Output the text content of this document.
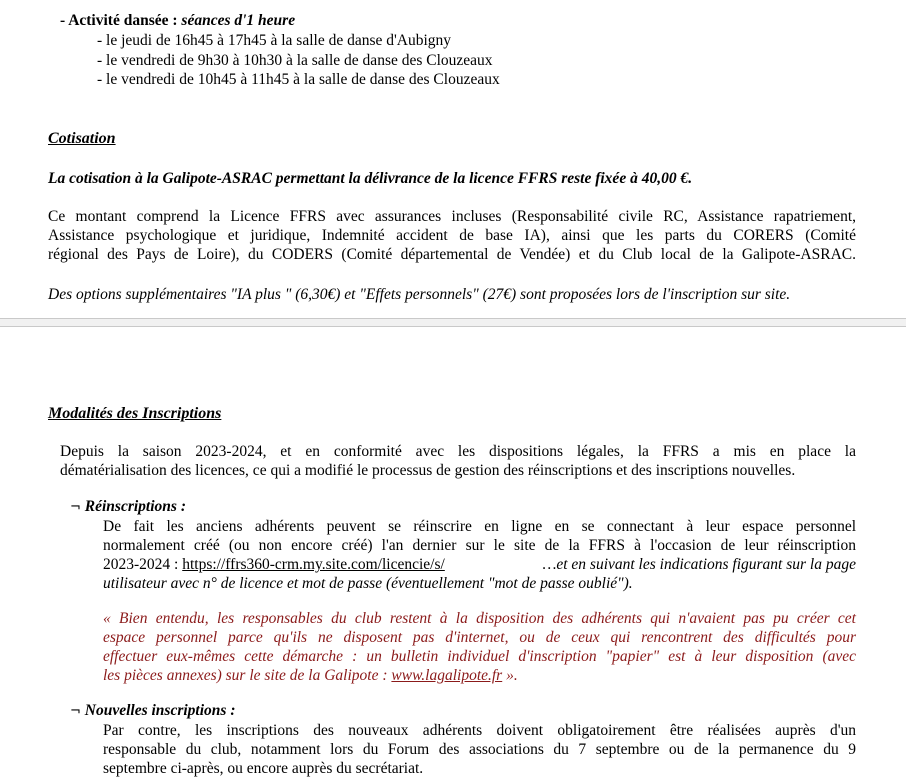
- Activité dansée : séances d'1 heure
- le jeudi de 16h45 à 17h45 à la salle de danse d'Aubigny
- le vendredi de 9h30 à 10h30 à la salle de danse des Clouzeaux
- le vendredi de 10h45 à 11h45 à la salle de danse des Clouzeaux
Cotisation
La cotisation à la Galipote-ASRAC permettant la délivrance de la licence FFRS reste fixée à 40,00 €.
Ce montant comprend la Licence FFRS avec assurances incluses (Responsabilité civile RC, Assistance rapatriement,
Assistance psychologique et juridique, Indemnité accident de base IA), ainsi que les parts du CORERS (Comité
régional des Pays de Loire), du CODERS (Comité départemental de Vendée) et du Club local de la Galipote-ASRAC.
Des options supplémentaires "IA plus " (6,30€) et "Effets personnels" (27€) sont proposées lors de l'inscription sur site.
Modalités des Inscriptions
Depuis la saison 2023-2024, et en conformité avec les dispositions légales, la FFRS a mis en place la
dématérialisation des licences, ce qui a modifié le processus de gestion des réinscriptions et des inscriptions nouvelles.
¬ Réinscriptions :
De fait les anciens adhérents peuvent se réinscrire en ligne en se connectant à leur espace personnel
normalement créé (ou non encore créé) l'an dernier sur le site de la FFRS à l'occasion de leur réinscription
2023-2024 : https://ffrs360-crm.my.site.com/licencie/s/	…et en suivant les indications figurant sur la page
utilisateur avec n° de licence et mot de passe (éventuellement "mot de passe oublié").
« Bien entendu, les responsables du club restent à la disposition des adhérents qui n'avaient pas pu créer cet
espace personnel parce qu'ils ne disposent pas d'internet, ou de ceux qui rencontrent des difficultés pour
effectuer eux-mêmes cette démarche : un bulletin individuel d'inscription "papier" est à leur disposition (avec
les pièces annexes) sur le site de la Galipote : www.lagalipote.fr ».
¬ Nouvelles inscriptions :
Par contre, les inscriptions des nouveaux adhérents doivent obligatoirement être réalisées auprès d'un
responsable du club, notamment lors du Forum des associations du 7 septembre ou de la permanence du 9
septembre ci-après, ou encore auprès du secrétariat.
